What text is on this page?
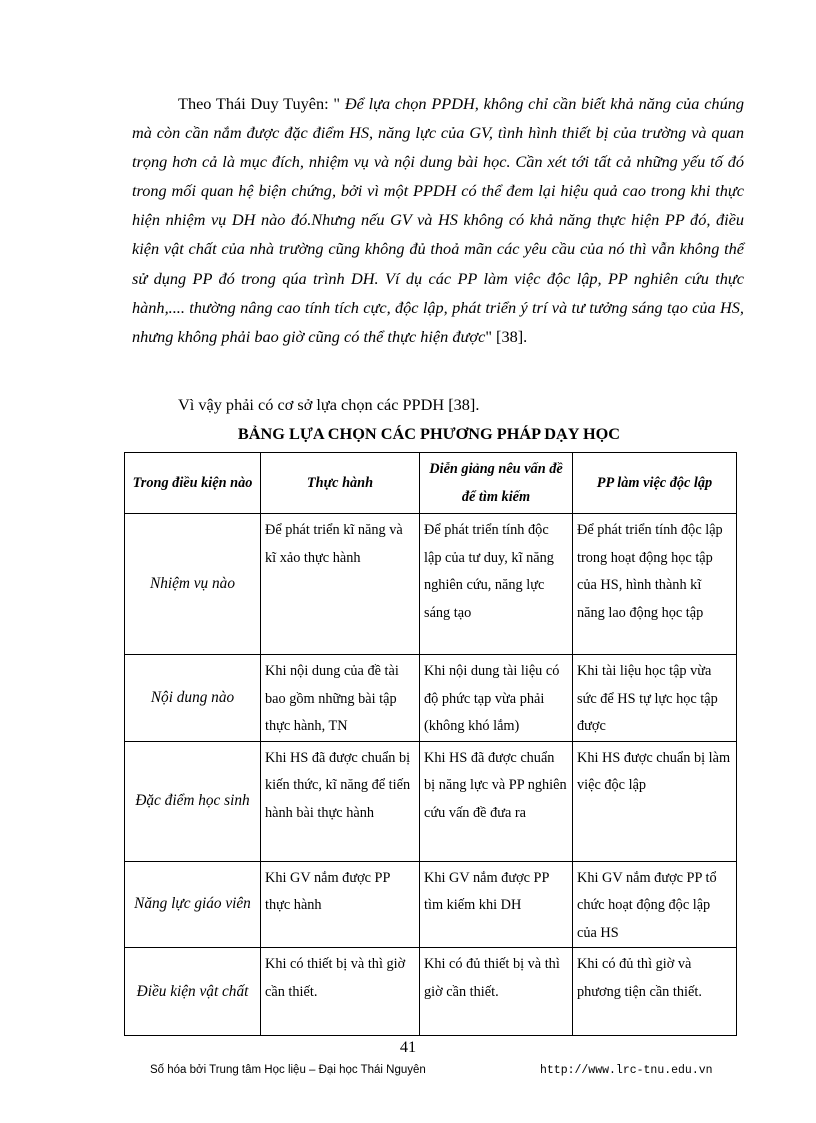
Theo Thái Duy Tuyên: " Để lựa chọn PPDH, không chỉ cần biết khả năng của chúng mà còn cần nắm được đặc điểm HS, năng lực của GV, tình hình thiết bị của trường và quan trọng hơn cả là mục đích, nhiệm vụ và nội dung bài học. Cần xét tới tất cả những yếu tố đó trong mối quan hệ biện chứng, bởi vì một PPDH có thể đem lại hiệu quả cao trong khi thực hiện nhiệm vụ DH nào đó.Nhưng nếu GV và HS không có khả năng thực hiện PP đó, điều kiện vật chất của nhà trường cũng không đủ thoả mãn các yêu cầu của nó thì vẫn không thể sử dụng PP đó trong qúa trình DH. Ví dụ các PP làm việc độc lập, PP nghiên cứu thực hành,.... thường nâng cao tính tích cực, độc lập, phát triển ý trí và tư tưởng sáng tạo của HS, nhưng không phải bao giờ cũng có thể thực hiện được" [38].

Vì vậy phải có cơ sở lựa chọn các PPDH [38].

BẢNG LỰA CHỌN CÁC PHƯƠNG PHÁP DẠY HỌC

Trong điều kiện nào	Thực hành	Diễn giảng nêu vấn đề để tìm kiếm	PP làm việc độc lập
Nhiệm vụ nào	Để phát triển kĩ năng và kĩ xảo thực hành	Để phát triển tính độc lập của tư duy, kĩ năng nghiên cứu, năng lực sáng tạo	Để phát triển tính độc lập trong hoạt động học tập của HS, hình thành kĩ năng lao động học tập
Nội dung nào	Khi nội dung của đề tài bao gồm những bài tập thực hành, TN	Khi nội dung tài liệu có độ phức tạp vừa phải (không khó lắm)	Khi tài liệu học tập vừa sức để HS tự lực học tập được
Đặc điểm học sinh	Khi HS đã được chuẩn bị kiến thức, kĩ năng để tiến hành bài thực hành	Khi HS đã được chuẩn bị năng lực và PP nghiên cứu vấn đề đưa ra	Khi HS được chuẩn bị làm việc độc lập
Năng lực giáo viên	Khi GV nắm được PP thực hành	Khi GV nắm được PP tìm kiếm khi DH	Khi GV nắm được PP tổ chức hoạt động độc lập của HS
Điều kiện vật chất	Khi có thiết bị và thì giờ cần thiết.	Khi có đủ thiết bị và thì giờ cần thiết.	Khi có đủ thì giờ và phương tiện cần thiết.

41

Số hóa bởi Trung tâm Học liệu – Đại học Thái Nguyên	http://www.lrc-tnu.edu.vn
